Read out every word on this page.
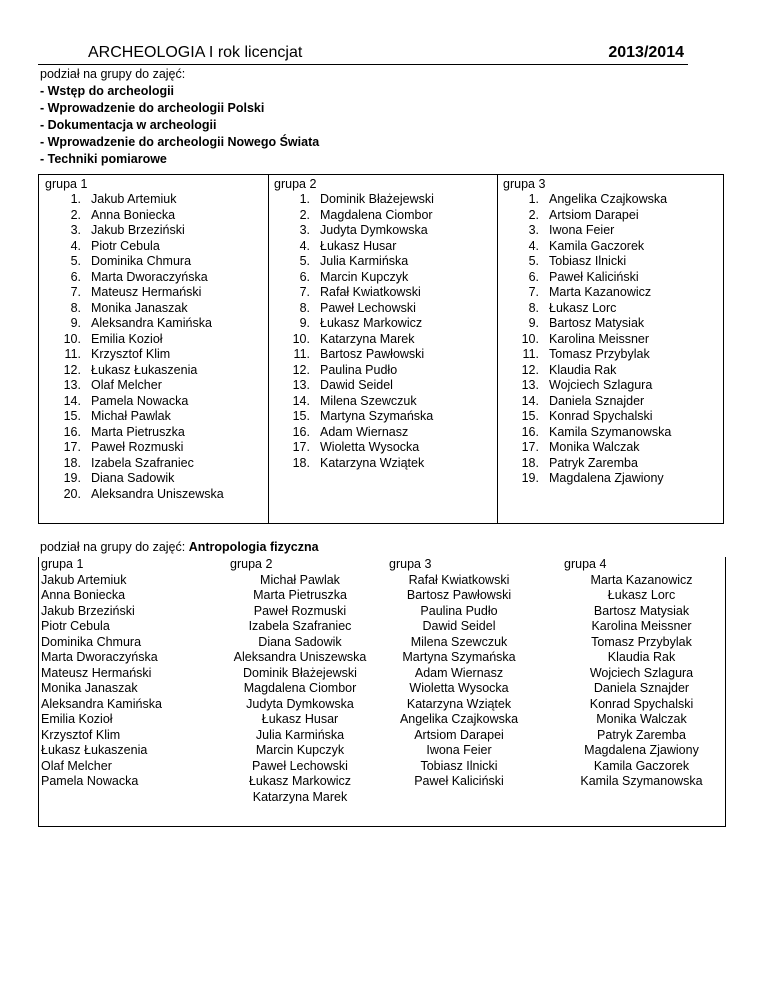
ARCHEOLOGIA I rok licencjat	2013/2014
podział na grupy do zajęć:
- Wstęp do archeologii
- Wprowadzenie do archeologii Polski
- Dokumentacja w archeologii
- Wprowadzenie do archeologii Nowego Świata
- Techniki pomiarowe
grupa 1
1. Jakub Artemiuk
2. Anna Boniecka
3. Jakub Brzeziński
4. Piotr Cebula
5. Dominika Chmura
6. Marta Dworaczyńska
7. Mateusz Hermański
8. Monika Janaszak
9. Aleksandra Kamińska
10. Emilia Kozioł
11. Krzysztof Klim
12. Łukasz Łukaszenia
13. Olaf Melcher
14. Pamela Nowacka
15. Michał Pawlak
16. Marta Pietruszka
17. Paweł Rozmuski
18. Izabela Szafraniec
19. Diana Sadowik
20. Aleksandra Uniszewska
grupa 2
1. Dominik Błażejewski
2. Magdalena Ciombor
3. Judyta Dymkowska
4. Łukasz Husar
5. Julia Karmińska
6. Marcin Kupczyk
7. Rafał Kwiatkowski
8. Paweł Lechowski
9. Łukasz Markowicz
10. Katarzyna Marek
11. Bartosz Pawłowski
12. Paulina Pudło
13. Dawid Seidel
14. Milena Szewczuk
15. Martyna Szymańska
16. Adam Wiernasz
17. Wioletta Wysocka
18. Katarzyna Wziątek
grupa 3
1. Angelika Czajkowska
2. Artsiom Darapei
3. Iwona Feier
4. Kamila Gaczorek
5. Tobiasz Ilnicki
6. Paweł Kaliciński
7. Marta Kazanowicz
8. Łukasz Lorc
9. Bartosz Matysiak
10. Karolina Meissner
11. Tomasz Przybylak
12. Klaudia Rak
13. Wojciech Szlagura
14. Daniela Sznajder
15. Konrad Spychalski
16. Kamila Szymanowska
17. Monika Walczak
18. Patryk Zaremba
19. Magdalena Zjawiony
podział na grupy do zajęć: Antropologia fizyczna
grupa 1
Jakub Artemiuk
Anna Boniecka
Jakub Brzeziński
Piotr Cebula
Dominika Chmura
Marta Dworaczyńska
Mateusz Hermański
Monika Janaszak
Aleksandra Kamińska
Emilia Kozioł
Krzysztof Klim
Łukasz Łukaszenia
Olaf Melcher
Pamela Nowacka
grupa 2
Michał Pawlak
Marta Pietruszka
Paweł Rozmuski
Izabela Szafraniec
Diana Sadowik
Aleksandra Uniszewska
Dominik Błażejewski
Magdalena Ciombor
Judyta Dymkowska
Łukasz Husar
Julia Karmińska
Marcin Kupczyk
Paweł Lechowski
Łukasz Markowicz
Katarzyna Marek
grupa 3
Rafał Kwiatkowski
Bartosz Pawłowski
Paulina Pudło
Dawid Seidel
Milena Szewczuk
Martyna Szymańska
Adam Wiernasz
Wioletta Wysocka
Katarzyna Wziątek
Angelika Czajkowska
Artsiom Darapei
Iwona Feier
Tobiasz Ilnicki
Paweł Kaliciński
grupa 4
Marta Kazanowicz
Łukasz Lorc
Bartosz Matysiak
Karolina Meissner
Tomasz Przybylak
Klaudia Rak
Wojciech Szlagura
Daniela Sznajder
Konrad Spychalski
Monika Walczak
Patryk Zaremba
Magdalena Zjawiony
Kamila Gaczorek
Kamila Szymanowska
